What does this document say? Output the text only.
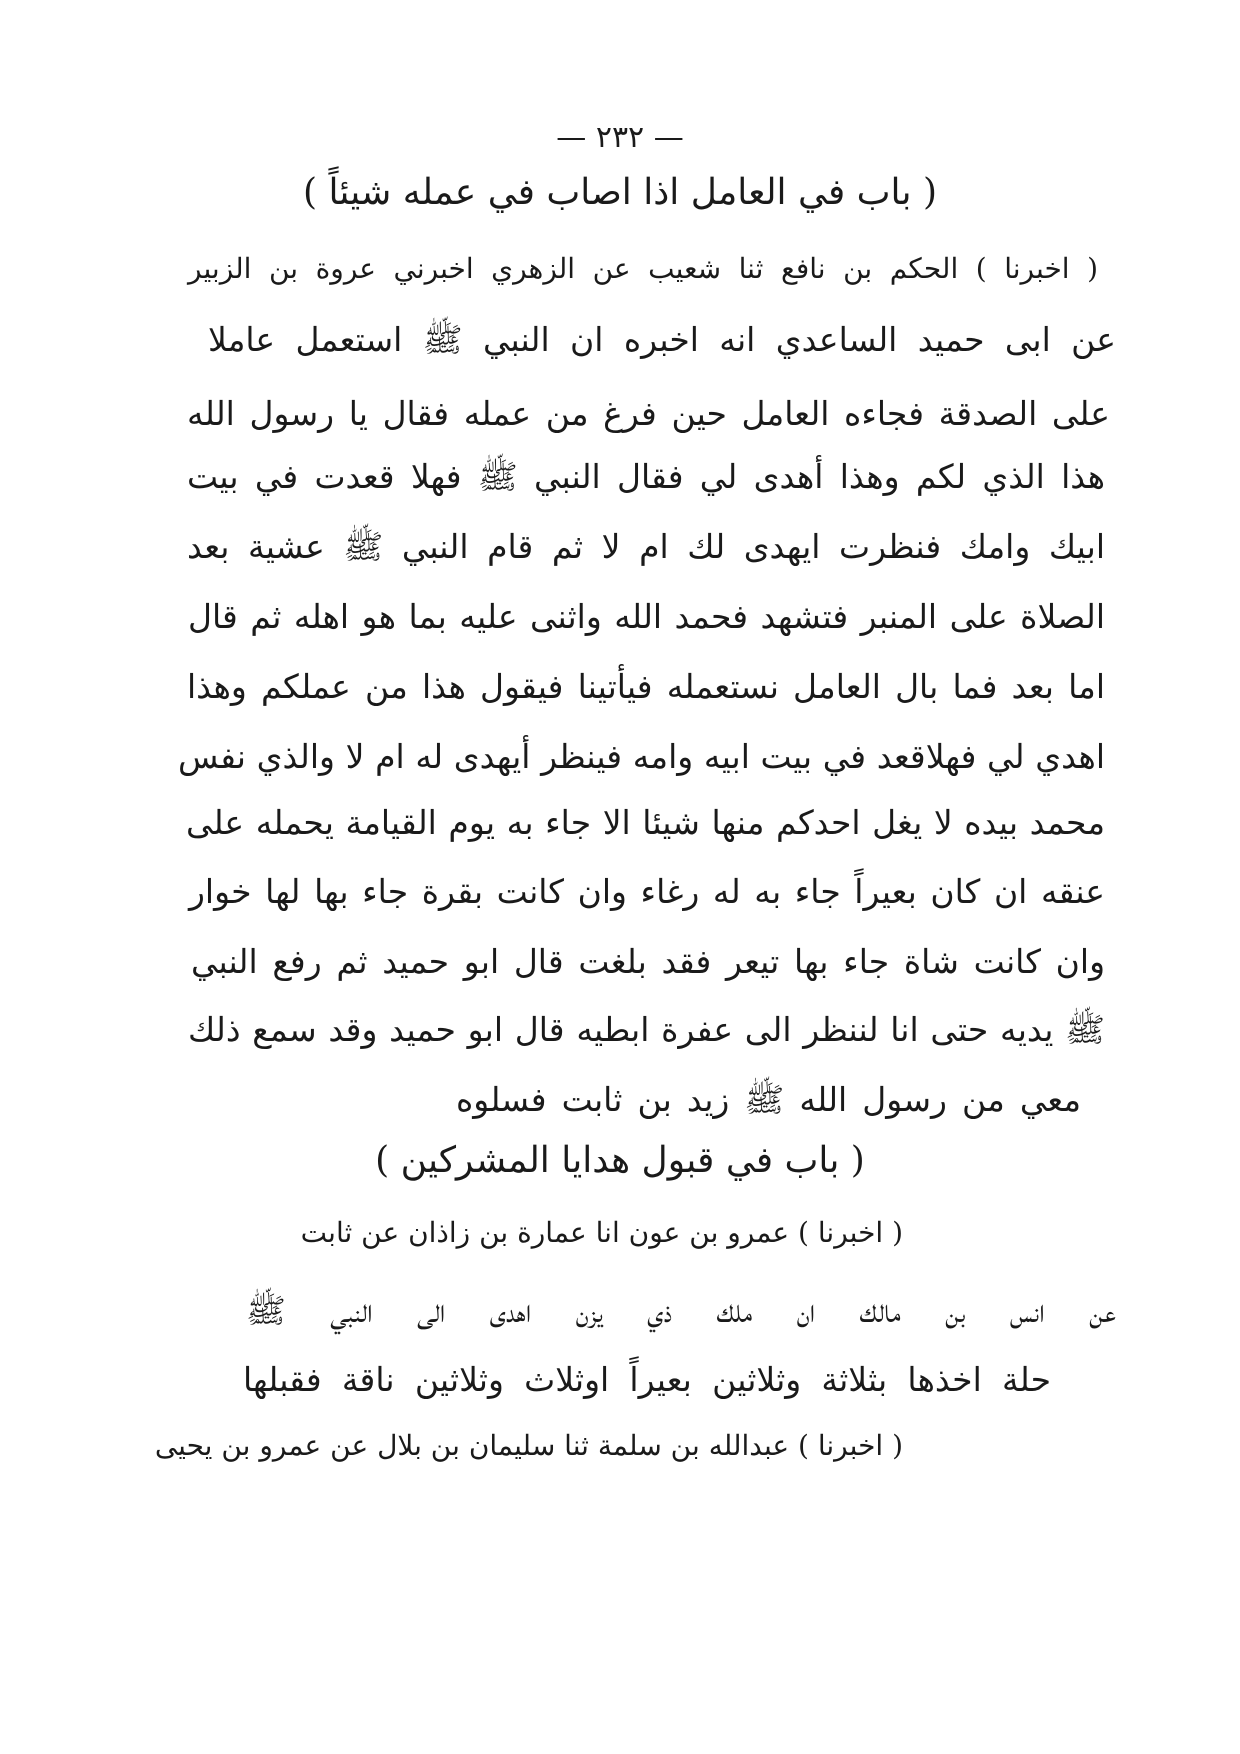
— ٢٣٢ —
( باب في العامل اذا اصاب في عمله شيئاً )
( اخبرنا ) الحكم بن نافع ثنا شعيب عن الزهري اخبرني عروة بن الزبير
عن ابى حميد الساعدي انه اخبره ان النبي ﷺ استعمل عاملا
على الصدقة فجاءه العامل حين فرغ من عمله فقال يا رسول الله
هذا الذي لكم وهذا أهدى لي فقال النبي ﷺ فهلا قعدت في بيت
ابيك وامك فنظرت ايهدى لك ام لا ثم قام النبي ﷺ عشية بعد
الصلاة على المنبر فتشهد فحمد الله واثنى عليه بما هو اهله ثم قال
اما بعد فما بال العامل نستعمله فيأتينا فيقول هذا من عملكم وهذا
اهدي لي فهلاقعد في بيت ابيه وامه فينظر أيهدى له ام لا والذي نفس
محمد بيده لا يغل احدكم منها شيئا الا جاء به يوم القيامة يحمله على
عنقه ان كان بعيراً جاء به له رغاء وان كانت بقرة جاء بها لها خوار
وان كانت شاة جاء بها تيعر فقد بلغت قال ابو حميد ثم رفع النبي
ﷺ يديه حتى انا لننظر الى عفرة ابطيه قال ابو حميد وقد سمع ذلك
معي من رسول الله ﷺ زيد بن ثابت فسلوه
( باب في قبول هدايا المشركين )
( اخبرنا ) عمرو بن عون انا عمارة بن زاذان عن ثابت
عن انس بن مالك ان ملك ذي يزن اهدى الى النبي ﷺ
حلة اخذها بثلاثة وثلاثين بعيراً اوثلاث وثلاثين ناقة فقبلها
( اخبرنا ) عبدالله بن سلمة ثنا سليمان بن بلال عن عمرو بن يحيى
